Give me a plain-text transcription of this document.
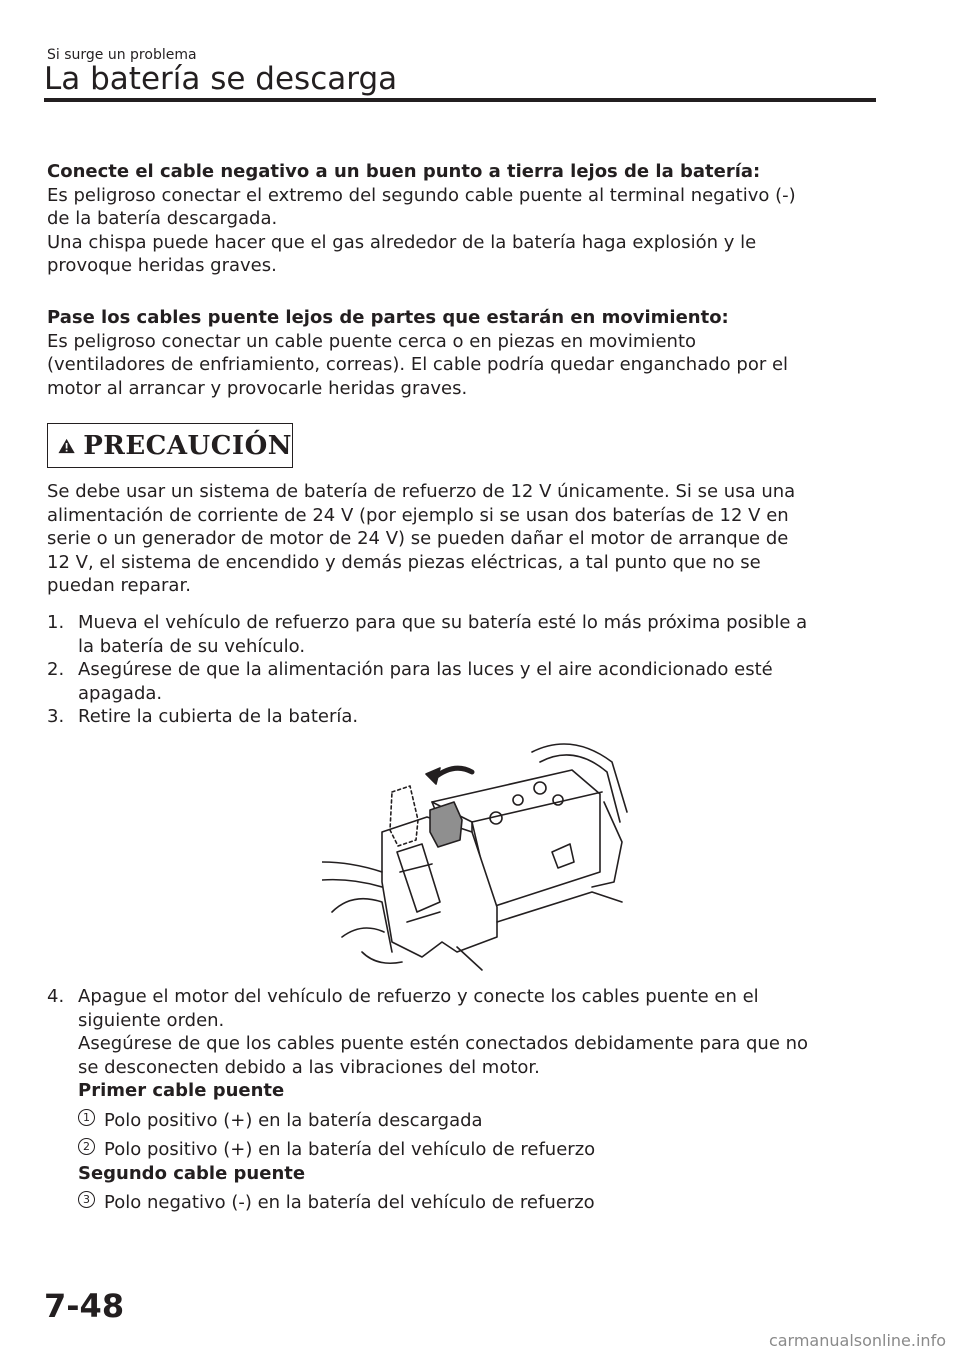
Si surge un problema
La batería se descarga

Conecte el cable negativo a un buen punto a tierra lejos de la batería:

Es peligroso conectar el extremo del segundo cable puente al terminal negativo (-)

de la batería descargada.

Una chispa puede hacer que el gas alrededor de la batería haga explosión y le

provoque heridas graves.

Pase los cables puente lejos de partes que estarán en movimiento:

Es peligroso conectar un cable puente cerca o en piezas en movimiento

(ventiladores de enfriamiento, correas). El cable podría quedar enganchado por el

motor al arrancar y provocarle heridas graves.

PRECAUCIÓN

Se debe usar un sistema de batería de refuerzo de 12 V únicamente. Si se usa una

alimentación de corriente de 24 V (por ejemplo si se usan dos baterías de 12 V en

serie o un generador de motor de 24 V) se pueden dañar el motor de arranque de

12 V, el sistema de encendido y demás piezas eléctricas, a tal punto que no se

puedan reparar.

1. Mueva el vehículo de refuerzo para que su batería esté lo más próxima posible a
la batería de su vehículo.
2. Asegúrese de que la alimentación para las luces y el aire acondicionado esté
apagada.
3. Retire la cubierta de la batería.
4. Apague el motor del vehículo de refuerzo y conecte los cables puente en el
siguiente orden.
Asegúrese de que los cables puente estén conectados debidamente para que no
se desconecten debido a las vibraciones del motor.
Primer cable puente
1 Polo positivo (+) en la batería descargada
2 Polo positivo (+) en la batería del vehículo de refuerzo
Segundo cable puente
3 Polo negativo (-) en la batería del vehículo de refuerzo
7-48
carmanualsonline.info
